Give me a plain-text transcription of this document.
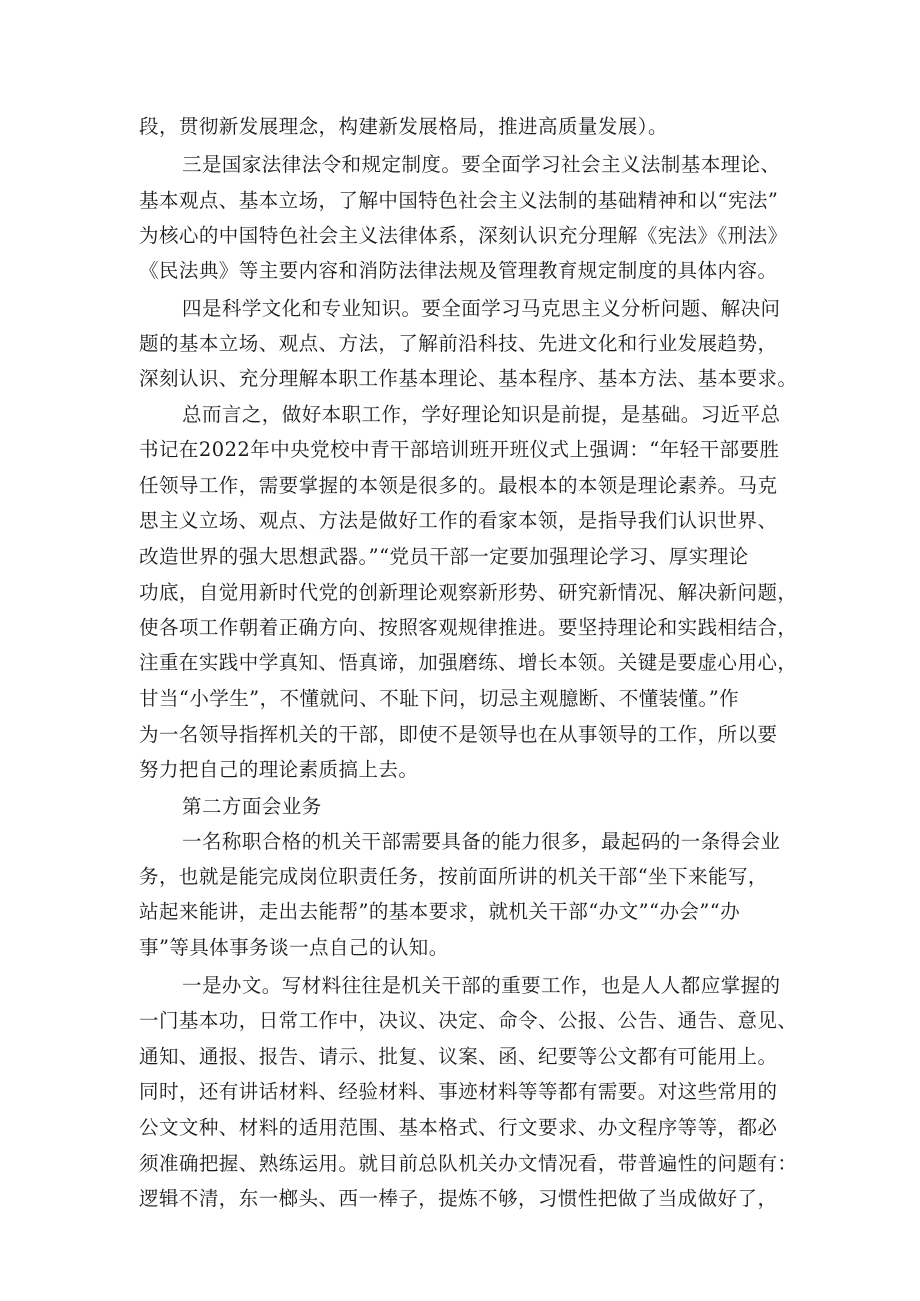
段，贯彻新发展理念，构建新发展格局，推进高质量发展）。
三是国家法律法令和规定制度。要全面学习社会主义法制基本理论、
基本观点、基本立场，了解中国特色社会主义法制的基础精神和以“宪法”
为核心的中国特色社会主义法律体系，深刻认识充分理解《宪法》《刑法》
《民法典》等主要内容和消防法律法规及管理教育规定制度的具体内容。
四是科学文化和专业知识。要全面学习马克思主义分析问题、解决问
题的基本立场、观点、方法，了解前沿科技、先进文化和行业发展趋势，
深刻认识、充分理解本职工作基本理论、基本程序、基本方法、基本要求。
总而言之，做好本职工作，学好理论知识是前提，是基础。习近平总
书记在2022年中央党校中青干部培训班开班仪式上强调：“年轻干部要胜
任领导工作，需要掌握的本领是很多的。最根本的本领是理论素养。马克
思主义立场、观点、方法是做好工作的看家本领，是指导我们认识世界、
改造世界的强大思想武器。”“党员干部一定要加强理论学习、厚实理论
功底，自觉用新时代党的创新理论观察新形势、研究新情况、解决新问题，
使各项工作朝着正确方向、按照客观规律推进。要坚持理论和实践相结合，
注重在实践中学真知、悟真谛，加强磨练、增长本领。关键是要虚心用心，
甘当“小学生”，不懂就问、不耻下问，切忌主观臆断、不懂装懂。”作
为一名领导指挥机关的干部，即使不是领导也在从事领导的工作，所以要
努力把自己的理论素质搞上去。
第二方面会业务
一名称职合格的机关干部需要具备的能力很多，最起码的一条得会业
务，也就是能完成岗位职责任务，按前面所讲的机关干部“坐下来能写，
站起来能讲，走出去能帮”的基本要求，就机关干部“办文”“办会”“办
事”等具体事务谈一点自己的认知。
一是办文。写材料往往是机关干部的重要工作，也是人人都应掌握的
一门基本功，日常工作中，决议、决定、命令、公报、公告、通告、意见、
通知、通报、报告、请示、批复、议案、函、纪要等公文都有可能用上。
同时，还有讲话材料、经验材料、事迹材料等等都有需要。对这些常用的
公文文种、材料的适用范围、基本格式、行文要求、办文程序等等，都必
须准确把握、熟练运用。就目前总队机关办文情况看，带普遍性的问题有：
逻辑不清，东一榔头、西一棒子，提炼不够，习惯性把做了当成做好了，
